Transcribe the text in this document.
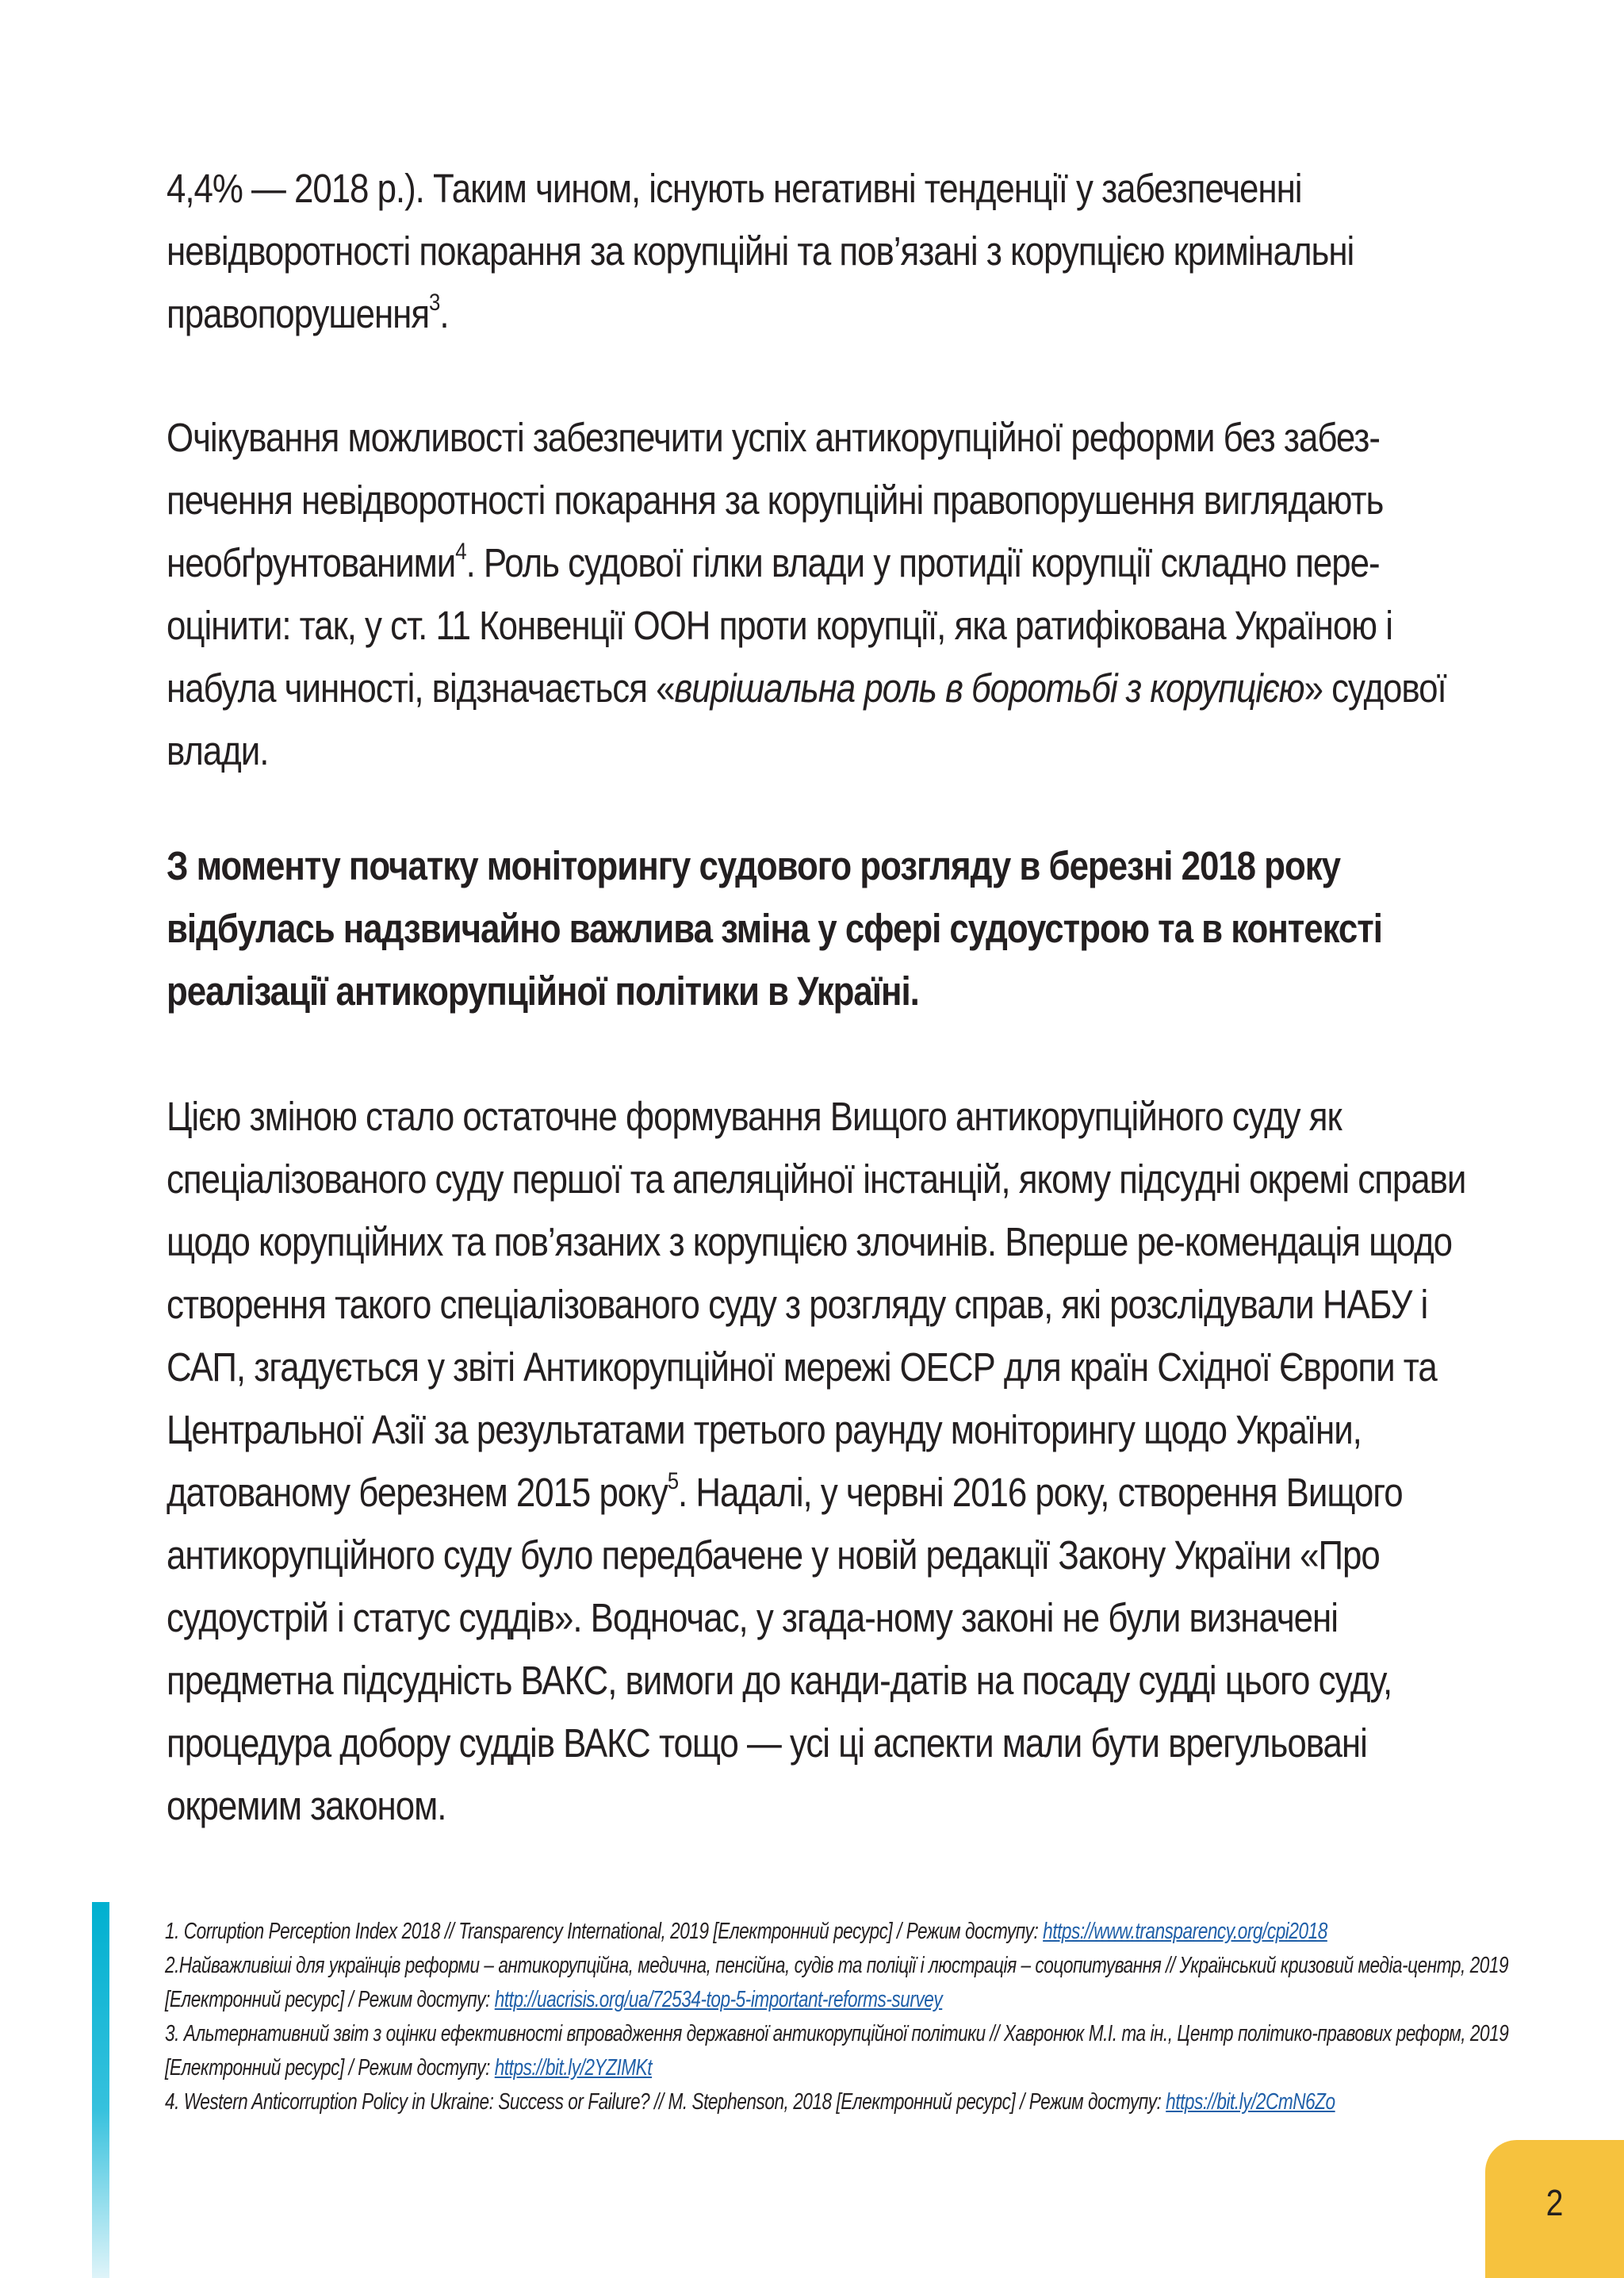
4,4% — 2018 р.). Таким чином, існують негативні тенденції у забезпеченні невідворотності покарання за корупційні та пов’язані з корупцією кримінальні правопорушення$^3$.

Очікування можливості забезпечити успіх антикорупційної реформи без забез-печення невідворотності покарання за корупційні правопорушення виглядають необґрунтованими$^4$. Роль судової гілки влади у протидії корупції складно пере-оцінити: так, у ст. 11 Конвенції ООН проти корупції, яка ратифікована Україною і набула чинності, відзначається «вирішальна роль в боротьбі з корупцією» судової влади.

З моменту початку моніторингу судового розгляду в березні 2018 року відбулась надзвичайно важлива зміна у сфері судоустрою та в контексті реалізації антикорупційної політики в Україні.

Цією зміною стало остаточне формування Вищого антикорупційного суду як спеціалізованого суду першої та апеляційної інстанцій, якому підсудні окремі справи щодо корупційних та пов’язаних з корупцією злочинів. Вперше ре-комендація щодо створення такого спеціалізованого суду з розгляду справ, які розслідували НАБУ і САП, згадується у звіті Антикорупційної мережі ОЕСР для країн Східної Європи та Центральної Азії за результатами третього раунду моніторингу щодо України, датованому березнем 2015 року$^5$. Надалі, у червні 2016 року, створення Вищого антикорупційного суду було передбачене у новій редакції Закону України «Про судоустрій і статус суддів». Водночас, у згада-ному законі не були визначені предметна підсудність ВАКС, вимоги до канди-датів на посаду судді цього суду, процедура добору суддів ВАКС тощо — усі ці аспекти мали бути врегульовані окремим законом.

1. Corruption Perception Index 2018 // Transparency International, 2019 [Електронний ресурс] / Режим доступу: https://www.transparency.org/cpi2018

2.Найважливіші для українців реформи – антикорупційна, медична, пенсійна, судів та поліції і люстрація – соцопитування // Український кризовий медіа-центр, 2019 [Електронний ресурс] / Режим доступу: http://uacrisis.org/ua/72534-top-5-important-reforms-survey

3. Альтернативний звіт з оцінки ефективності впровадження державної антикорупційної політики // Хавронюк М.І. та ін., Центр політико-правових реформ, 2019 [Електронний ресурс] / Режим доступу: https://bit.ly/2YZIMKt

4. Western Anticorruption Policy in Ukraine: Success or Failure? // M. Stephenson, 2018 [Електронний ресурс] / Режим доступу: https://bit.ly/2CmN6Zo

2
